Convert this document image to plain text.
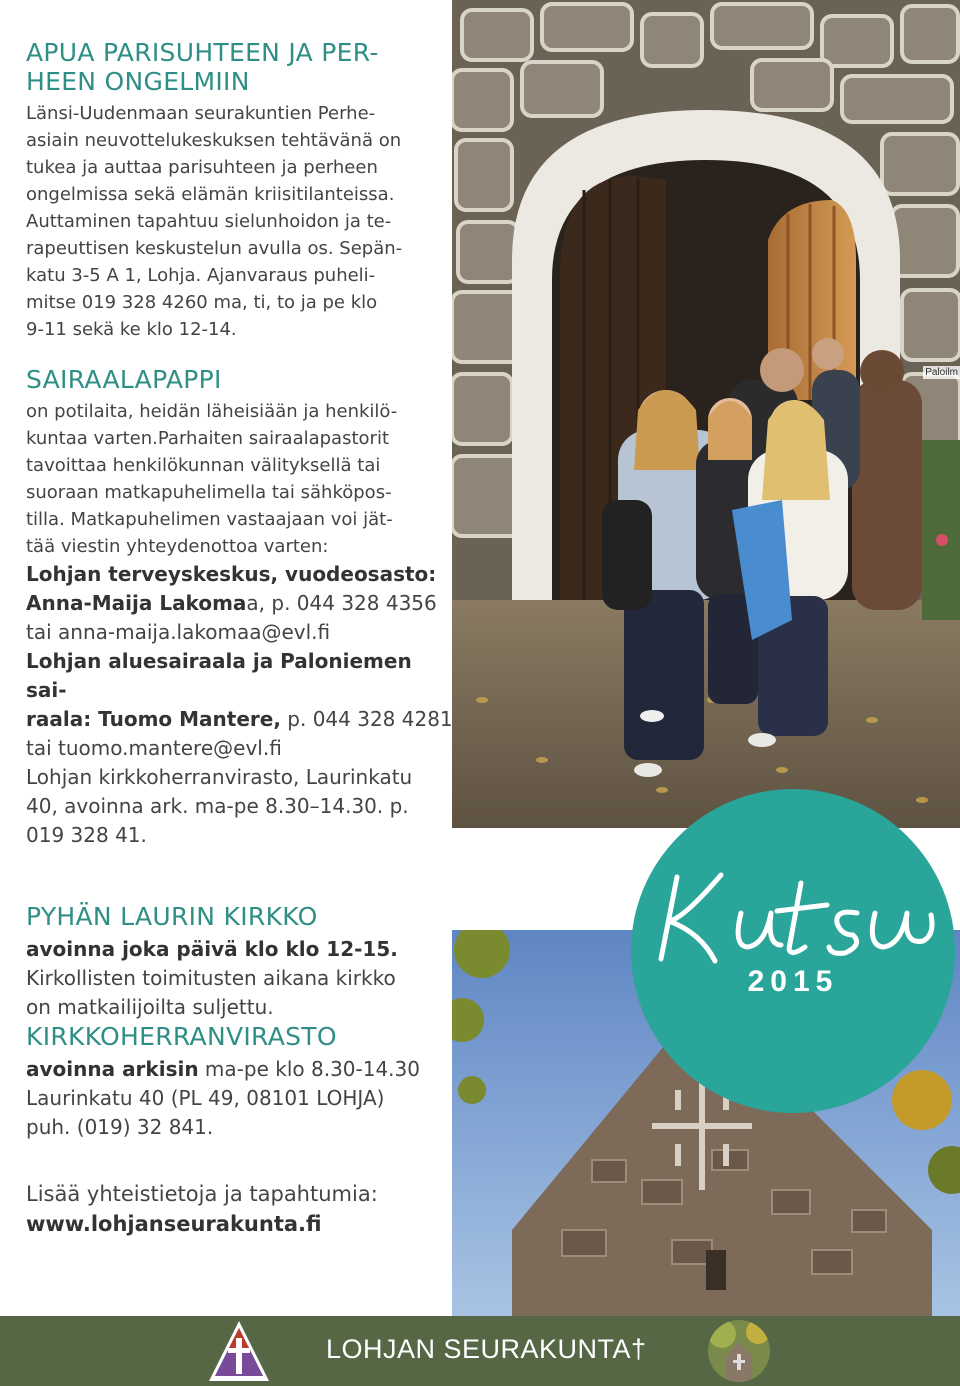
Paloilm
2015
APUA PARISUHTEEN JA PER-
HEEN ONGELMIIN

Länsi-Uudenmaan seurakuntien Perhe-
asiain neuvottelukeskuksen tehtävänä on
tukea ja auttaa parisuhteen ja perheen
ongelmissa sekä elämän kriisitilanteissa.
Auttaminen tapahtuu sielunhoidon ja te-
rapeuttisen keskustelun avulla os. Sepän-
katu 3-5 A 1, Lohja. Ajanvaraus puheli-
mitse 019 328 4260 ma, ti, to ja pe klo
9-11 sekä ke klo 12-14.

SAIRAALAPAPPI

on potilaita, heidän läheisiään ja henkilö-
kuntaa varten.Parhaiten sairaalapastorit
tavoittaa henkilökunnan välityksellä tai
suoraan matkapuhelimella tai sähköpos-
tilla. Matkapuhelimen vastaajaan voi jät-
tää viestin yhteydenottoa varten:

Lohjan terveyskeskus, vuodeosasto:
Anna-Maija Lakomaa, p. 044 328 4356
tai anna-maija.lakomaa@evl.fi

Lohjan aluesairaala ja Paloniemen sai-
raala: Tuomo Mantere, p. 044 328 4281
tai tuomo.mantere@evl.fi

Lohjan kirkkoherranvirasto, Laurinkatu
40, avoinna ark. ma-pe 8.30–14.30. p.
019 328 41.

PYHÄN LAURIN KIRKKO

avoinna joka päivä klo klo 12-15.
Kirkollisten toimitusten aikana kirkko
on matkailijoilta suljettu.

KIRKKOHERRANVIRASTO

avoinna arkisin ma-pe klo 8.30-14.30
Laurinkatu 40 (PL 49, 08101 LOHJA)
puh. (019) 32 841.

Lisää yhteistietoja ja tapahtumia:
www.lohjanseurakunta.fi

LOHJAN SEURAKUNTA†
